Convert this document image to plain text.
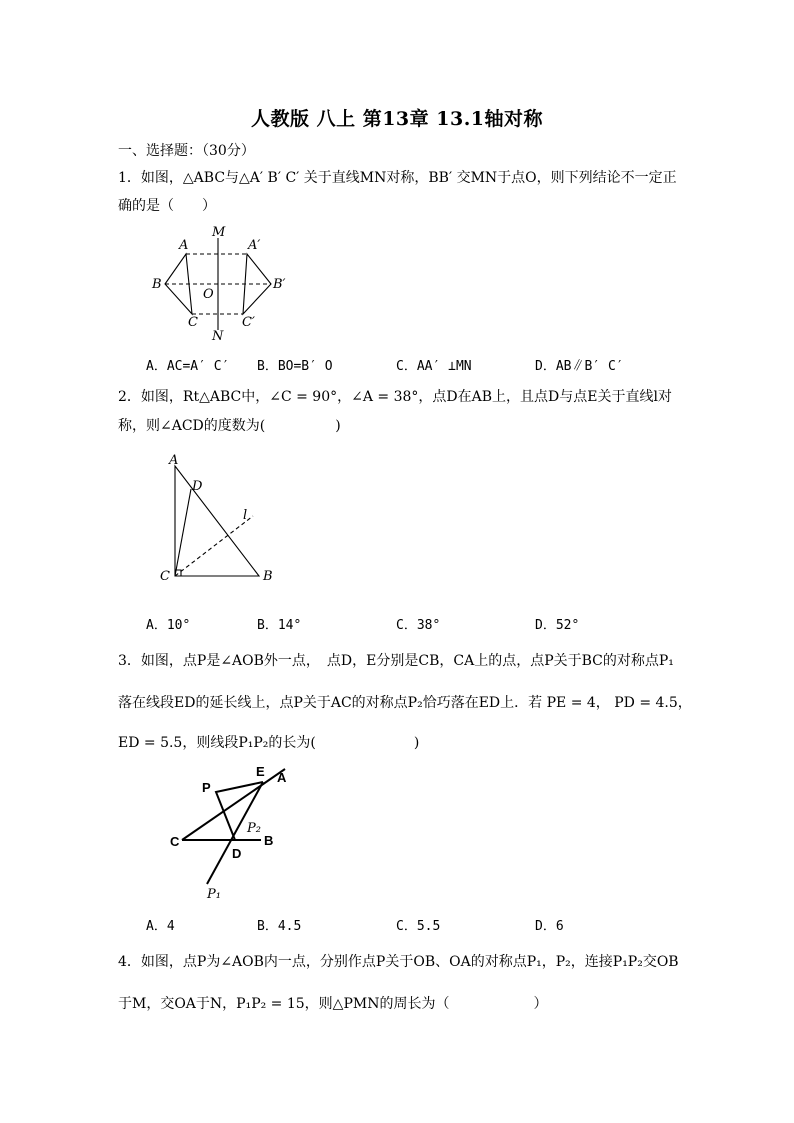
人教版 八上 第13章 13.1轴对称
一、选择题：（30分）
1．如图，△ABC与△A′ B′ C′ 关于直线MN对称，BB′ 交MN于点O，则下列结论不一定正
确的是（　　）
M
N
O
A	A′
B	B′
C	C′
A．AC=A′ C′ B．BO=B′ O	C．AA′ ⊥MN	D．AB∥B′ C′
2．如图，Rt△ABC中，∠C = 90°，∠A = 38°，点D在AB上，且点D与点E关于直线l对
称，则∠ACD的度数为(　　　　　)
A
D
l
C	B
A．10°	B．14°	C．38°	D．52°
3．如图，点P是∠AOB外一点，　点D，E分别是CB，CA上的点，点P关于BC的对称点P₁
落在线段ED的延长线上，点P关于AC的对称点P₂恰巧落在ED上．若 PE = 4， PD = 4.5，
ED = 5.5，则线段P₁P₂的长为(　　　　　　　)
P
E A
P₂
B
C
D
P₁
A．4	B．4.5	C．5.5	D．6
4．如图，点P为∠AOB内一点，分别作点P关于OB、OA的对称点P₁，P₂，连接P₁P₂交OB
于M，交OA于N，P₁P₂ = 15，则△PMN的周长为（　　　　　　）
